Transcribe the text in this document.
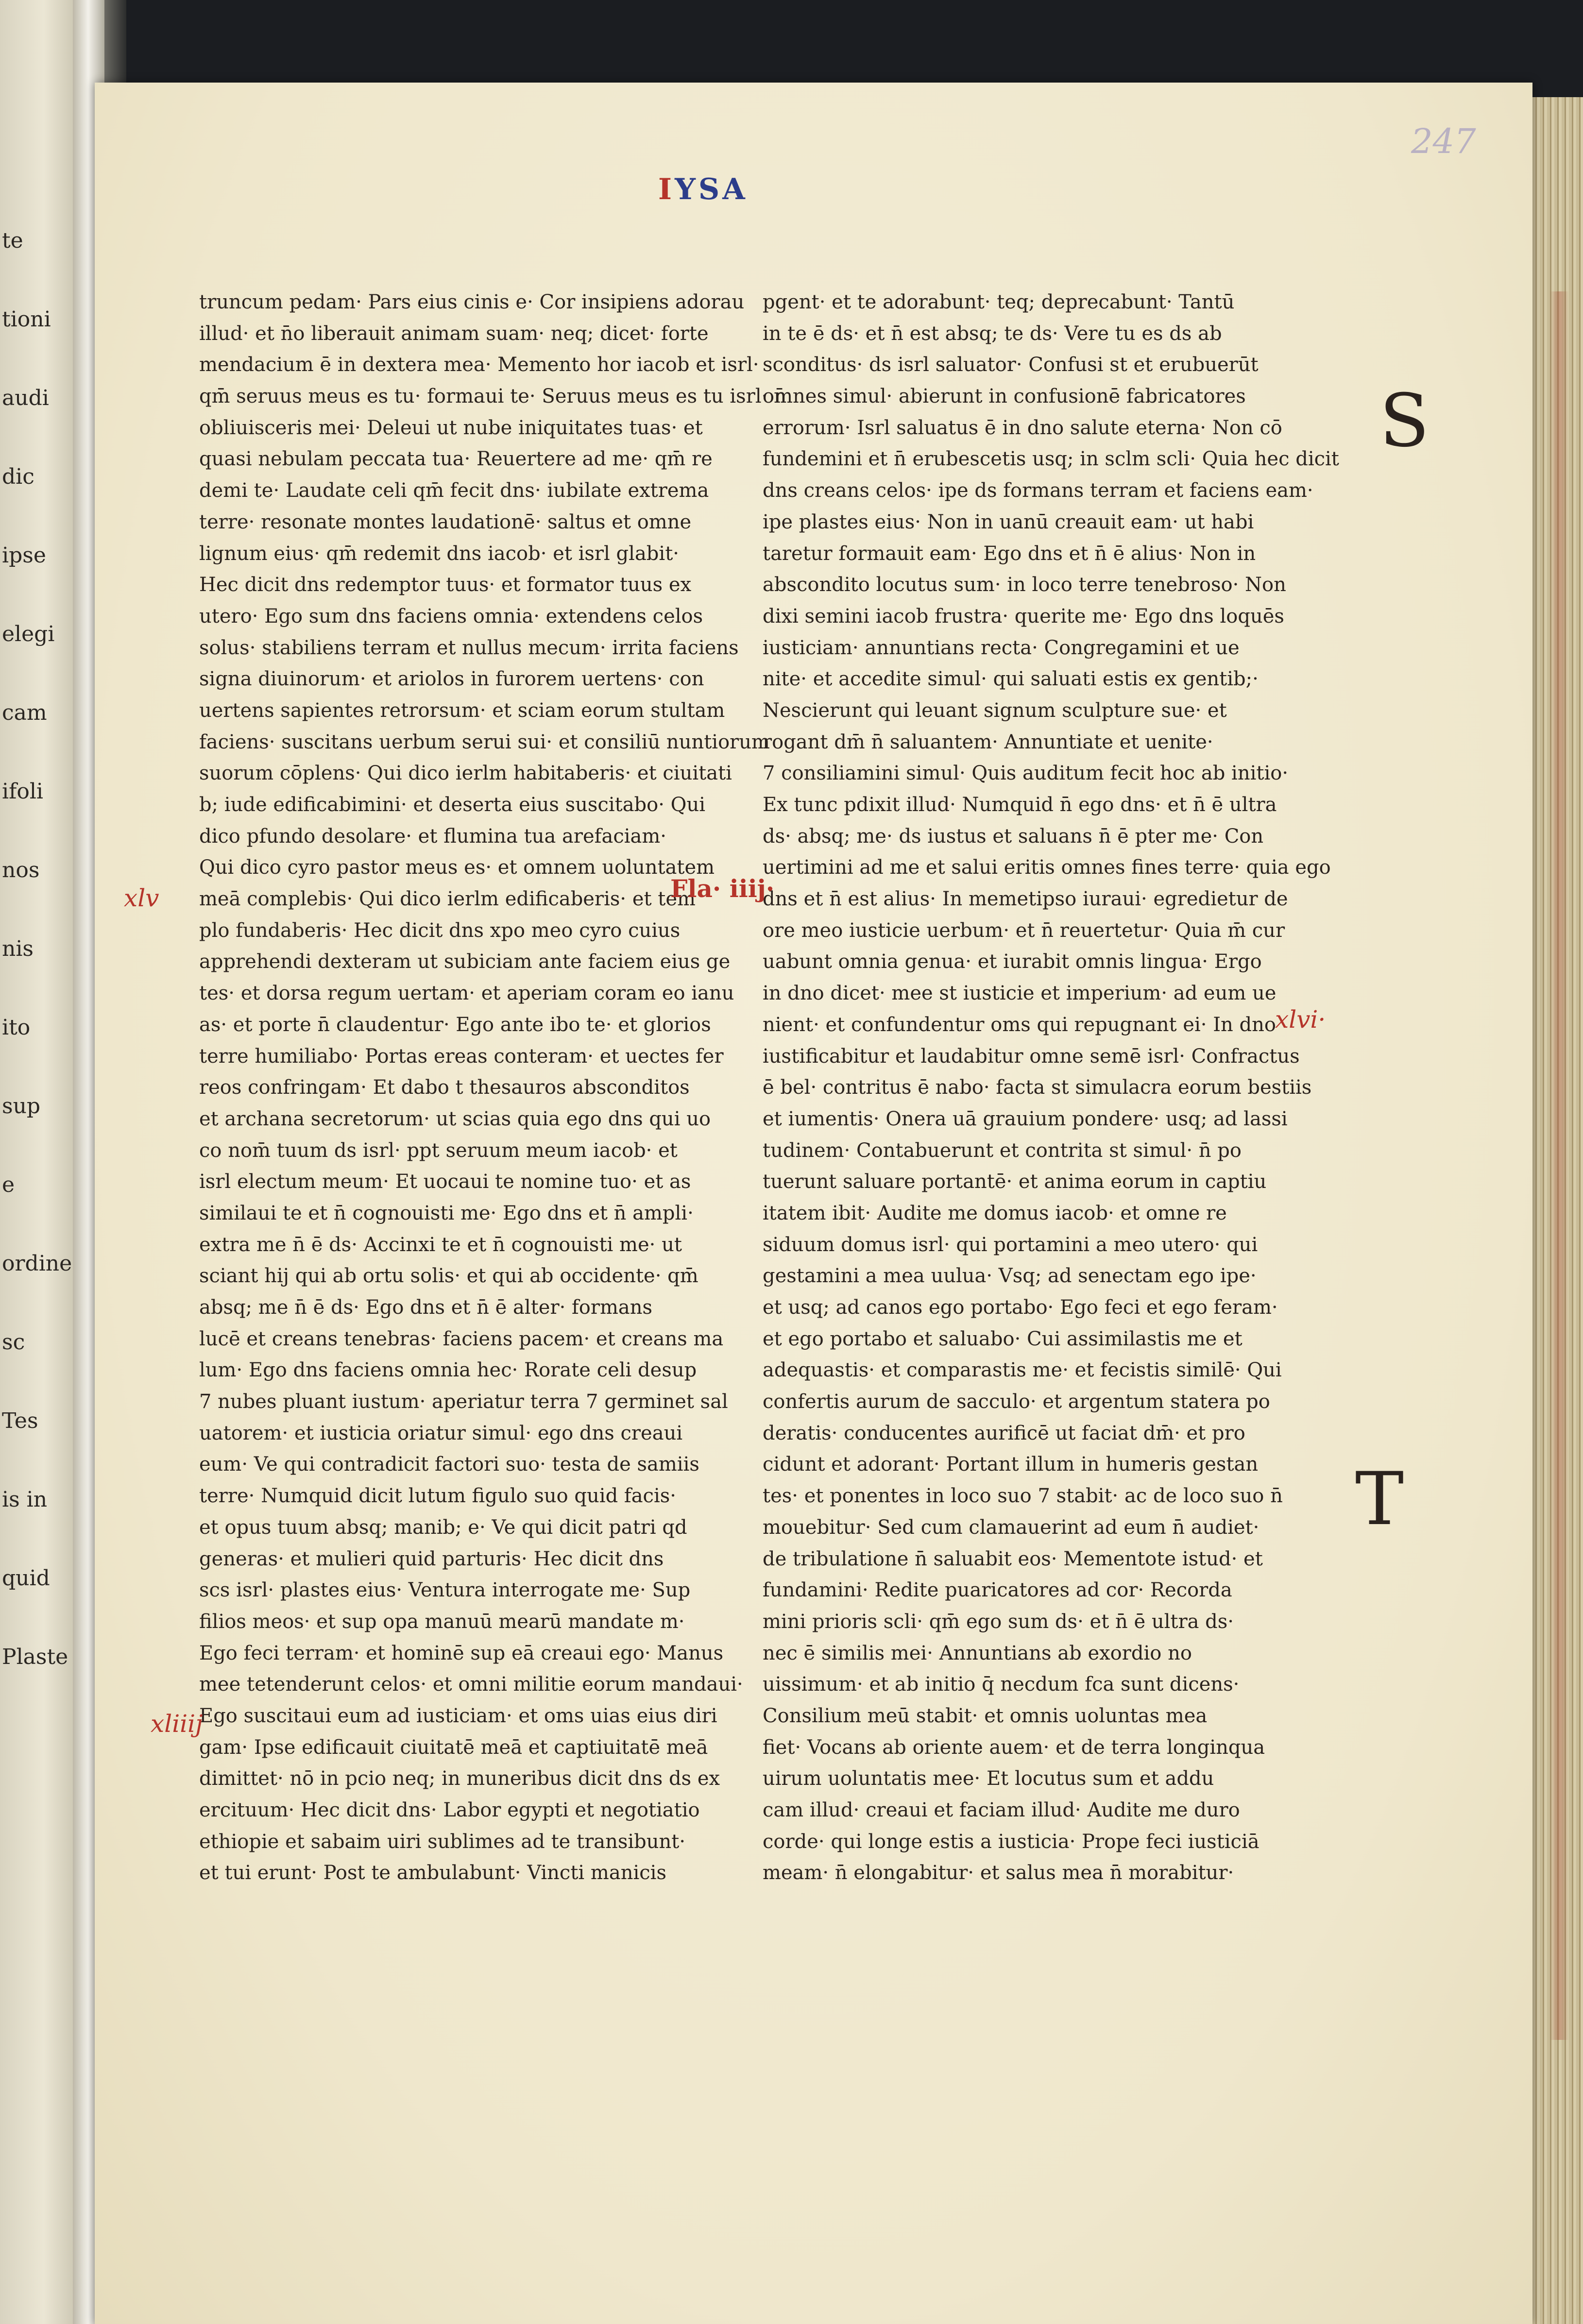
te
tioni
audi
dic
ipse
elegi
cam
ifoli
nos
nis
ito
sup
e
ordine
sc
Tes
is in
quid
Plaste
247
IYSA
truncum pedam· Pars eius cinis e· Cor insipiens adorau
illud· et n̄o liberauit animam suam· neq; dicet· forte
mendacium ē in dextera mea· Memento hor iacob et isrl·
qm̄ seruus meus es tu· formaui te· Seruus meus es tu isrl· n̄
obliuisceris mei· Deleui ut nube iniquitates tuas· et
quasi nebulam peccata tua· Reuertere ad me· qm̄ re
demi te· Laudate celi qm̄ fecit dns· iubilate extrema
terre· resonate montes laudationē· saltus et omne
lignum eius· qm̄ redemit dns iacob· et isrl glabit·
Hec dicit dns redemptor tuus· et formator tuus ex
utero· Ego sum dns faciens omnia· extendens celos
solus· stabiliens terram et nullus mecum· irrita faciens
signa diuinorum· et ariolos in furorem uertens· con
uertens sapientes retrorsum· et sciam eorum stultam
faciens· suscitans uerbum serui sui· et consiliū nuntiorum
suorum cōplens· Qui dico ierlm habitaberis· et ciuitati
b; iude edificabimini· et deserta eius suscitabo· Qui
dico pfundo desolare· et flumina tua arefaciam·
Qui dico cyro pastor meus es· et omnem uoluntatem
meā complebis· Qui dico ierlm edificaberis· et tem
plo fundaberis· Hec dicit dns xpo meo cyro cuius
apprehendi dexteram ut subiciam ante faciem eius ge
tes· et dorsa regum uertam· et aperiam coram eo ianu
as· et porte n̄ claudentur· Ego ante ibo te· et glorios
terre humiliabo· Portas ereas conteram· et uectes fer
reos confringam· Et dabo t thesauros absconditos
et archana secretorum· ut scias quia ego dns qui uo
co nom̄ tuum ds isrl· ppt seruum meum iacob· et
isrl electum meum· Et uocaui te nomine tuo· et as
similaui te et n̄ cognouisti me· Ego dns et n̄ ampli·
extra me n̄ ē ds· Accinxi te et n̄ cognouisti me· ut
sciant hij qui ab ortu solis· et qui ab occidente· qm̄
absq; me n̄ ē ds· Ego dns et n̄ ē alter· formans
lucē et creans tenebras· faciens pacem· et creans ma
lum· Ego dns faciens omnia hec· Rorate celi desup
7 nubes pluant iustum· aperiatur terra 7 germinet sal
uatorem· et iusticia oriatur simul· ego dns creaui
eum· Ve qui contradicit factori suo· testa de samiis
terre· Numquid dicit lutum figulo suo quid facis·
et opus tuum absq; manib; e· Ve qui dicit patri qd
generas· et mulieri quid parturis· Hec dicit dns
scs isrl· plastes eius· Ventura interrogate me· Sup
filios meos· et sup opa manuū mearū mandate m·
Ego feci terram· et hominē sup eā creaui ego· Manus
mee tetenderunt celos· et omni militie eorum mandaui·
Ego suscitaui eum ad iusticiam· et oms uias eius diri
gam· Ipse edificauit ciuitatē meā et captiuitatē meā
dimittet· nō in pcio neq; in muneribus dicit dns ds ex
ercituum· Hec dicit dns· Labor egypti et negotiatio
ethiopie et sabaim uiri sublimes ad te transibunt·
et tui erunt· Post te ambulabunt· Vincti manicis
pgent· et te adorabunt· teq; deprecabunt· Tantū
in te ē ds· et n̄ est absq; te ds· Vere tu es ds ab
sconditus· ds isrl saluator· Confusi st et erubuerūt
omnes simul· abierunt in confusionē fabricatores
errorum· Isrl saluatus ē in dno salute eterna· Non cō
fundemini et n̄ erubescetis usq; in sclm scli· Quia hec dicit
dns creans celos· ipe ds formans terram et faciens eam·
ipe plastes eius· Non in uanū creauit eam· ut habi
taretur formauit eam· Ego dns et n̄ ē alius· Non in
abscondito locutus sum· in loco terre tenebroso· Non
dixi semini iacob frustra· querite me· Ego dns loquēs
iusticiam· annuntians recta· Congregamini et ue
nite· et accedite simul· qui saluati estis ex gentib;·
Nescierunt qui leuant signum sculpture sue· et
rogant dm̄ n̄ saluantem· Annuntiate et uenite·
7 consiliamini simul· Quis auditum fecit hoc ab initio·
Ex tunc pdixit illud· Numquid n̄ ego dns· et n̄ ē ultra
ds· absq; me· ds iustus et saluans n̄ ē pter me· Con
uertimini ad me et salui eritis omnes fines terre· quia ego
dns et n̄ est alius· In memetipso iuraui· egredietur de
ore meo iusticie uerbum· et n̄ reuertetur· Quia m̄ cur
uabunt omnia genua· et iurabit omnis lingua· Ergo
in dno dicet· mee st iusticie et imperium· ad eum ue
nient· et confundentur oms qui repugnant ei· In dno
iustificabitur et laudabitur omne semē isrl· Confractus
ē bel· contritus ē nabo· facta st simulacra eorum bestiis
et iumentis· Onera uā grauium pondere· usq; ad lassi
tudinem· Contabuerunt et contrita st simul· n̄ po
tuerunt saluare portantē· et anima eorum in captiu
itatem ibit· Audite me domus iacob· et omne re
siduum domus isrl· qui portamini a meo utero· qui
gestamini a mea uulua· Vsq; ad senectam ego ipe·
et usq; ad canos ego portabo· Ego feci et ego feram·
et ego portabo et saluabo· Cui assimilastis me et
adequastis· et comparastis me· et fecistis similē· Qui
confertis aurum de sacculo· et argentum statera po
deratis· conducentes aurificē ut faciat dm̄· et pro
cidunt et adorant· Portant illum in humeris gestan
tes· et ponentes in loco suo 7 stabit· ac de loco suo n̄
mouebitur· Sed cum clamauerint ad eum n̄ audiet·
de tribulatione n̄ saluabit eos· Mementote istud· et
fundamini· Redite puaricatores ad cor· Recorda
mini prioris scli· qm̄ ego sum ds· et n̄ ē ultra ds·
nec ē similis mei· Annuntians ab exordio no
uissimum· et ab initio q̄ necdum fca sunt dicens·
Consilium meū stabit· et omnis uoluntas mea
fiet· Vocans ab oriente auem· et de terra longinqua
uirum uoluntatis mee· Et locutus sum et addu
cam illud· creaui et faciam illud· Audite me duro
corde· qui longe estis a iusticia· Prope feci iusticiā
meam· n̄ elongabitur· et salus mea n̄ morabitur·
xlv
xliiij
Fla· iiij·
xlvi·
S
T
